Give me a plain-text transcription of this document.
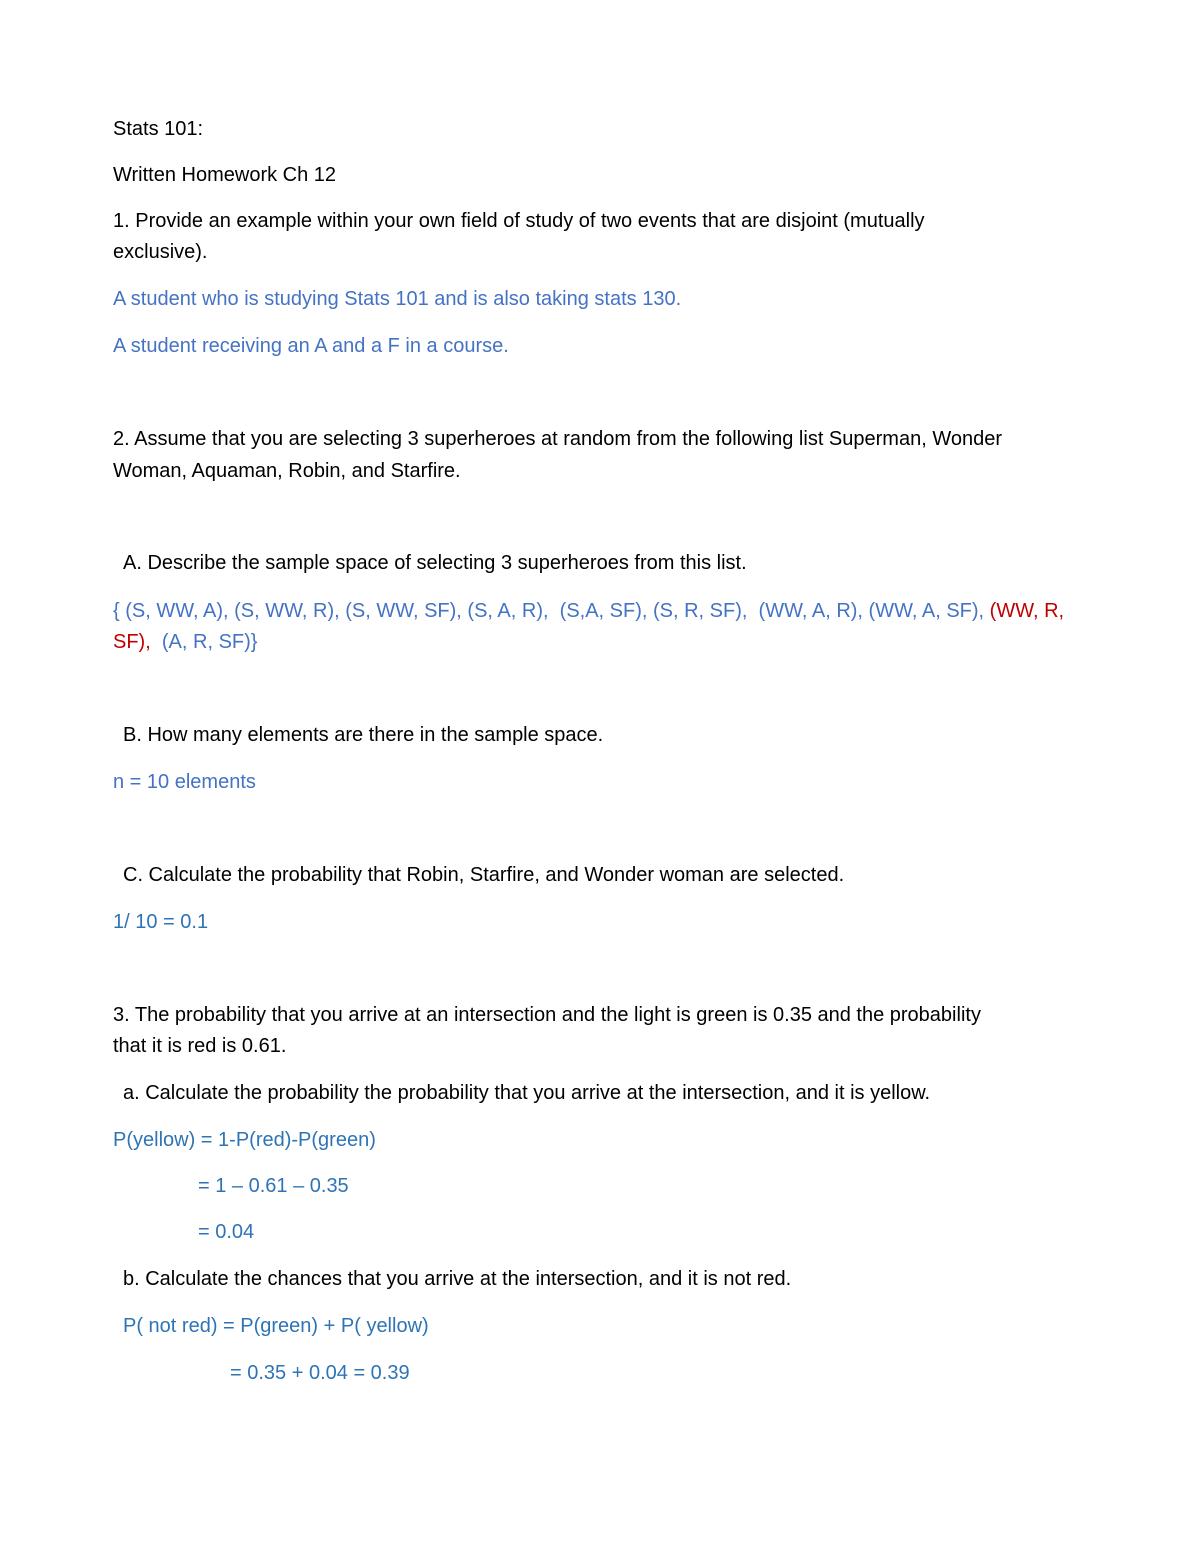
Stats 101:
Written Homework Ch 12
1. Provide an example within your own field of study of two events that are disjoint (mutually
exclusive).
A student who is studying Stats 101 and is also taking stats 130.
A student receiving an A and a F in a course.
2. Assume that you are selecting 3 superheroes at random from the following list Superman, Wonder
Woman, Aquaman, Robin, and Starfire.
A. Describe the sample space of selecting 3 superheroes from this list.
{ (S, WW, A), (S, WW, R), (S, WW, SF), (S, A, R),  (S,A, SF), (S, R, SF),  (WW, A, R), (WW, A, SF), (WW, R,
SF),  (A, R, SF)}
B. How many elements are there in the sample space.
n = 10 elements
C. Calculate the probability that Robin, Starfire, and Wonder woman are selected.
1/ 10 = 0.1
3. The probability that you arrive at an intersection and the light is green is 0.35 and the probability
that it is red is 0.61.
a. Calculate the probability the probability that you arrive at the intersection, and it is yellow.
P(yellow) = 1-P(red)-P(green)
= 1 – 0.61 – 0.35
= 0.04
b. Calculate the chances that you arrive at the intersection, and it is not red.
P( not red) = P(green) + P( yellow)
= 0.35 + 0.04 = 0.39
